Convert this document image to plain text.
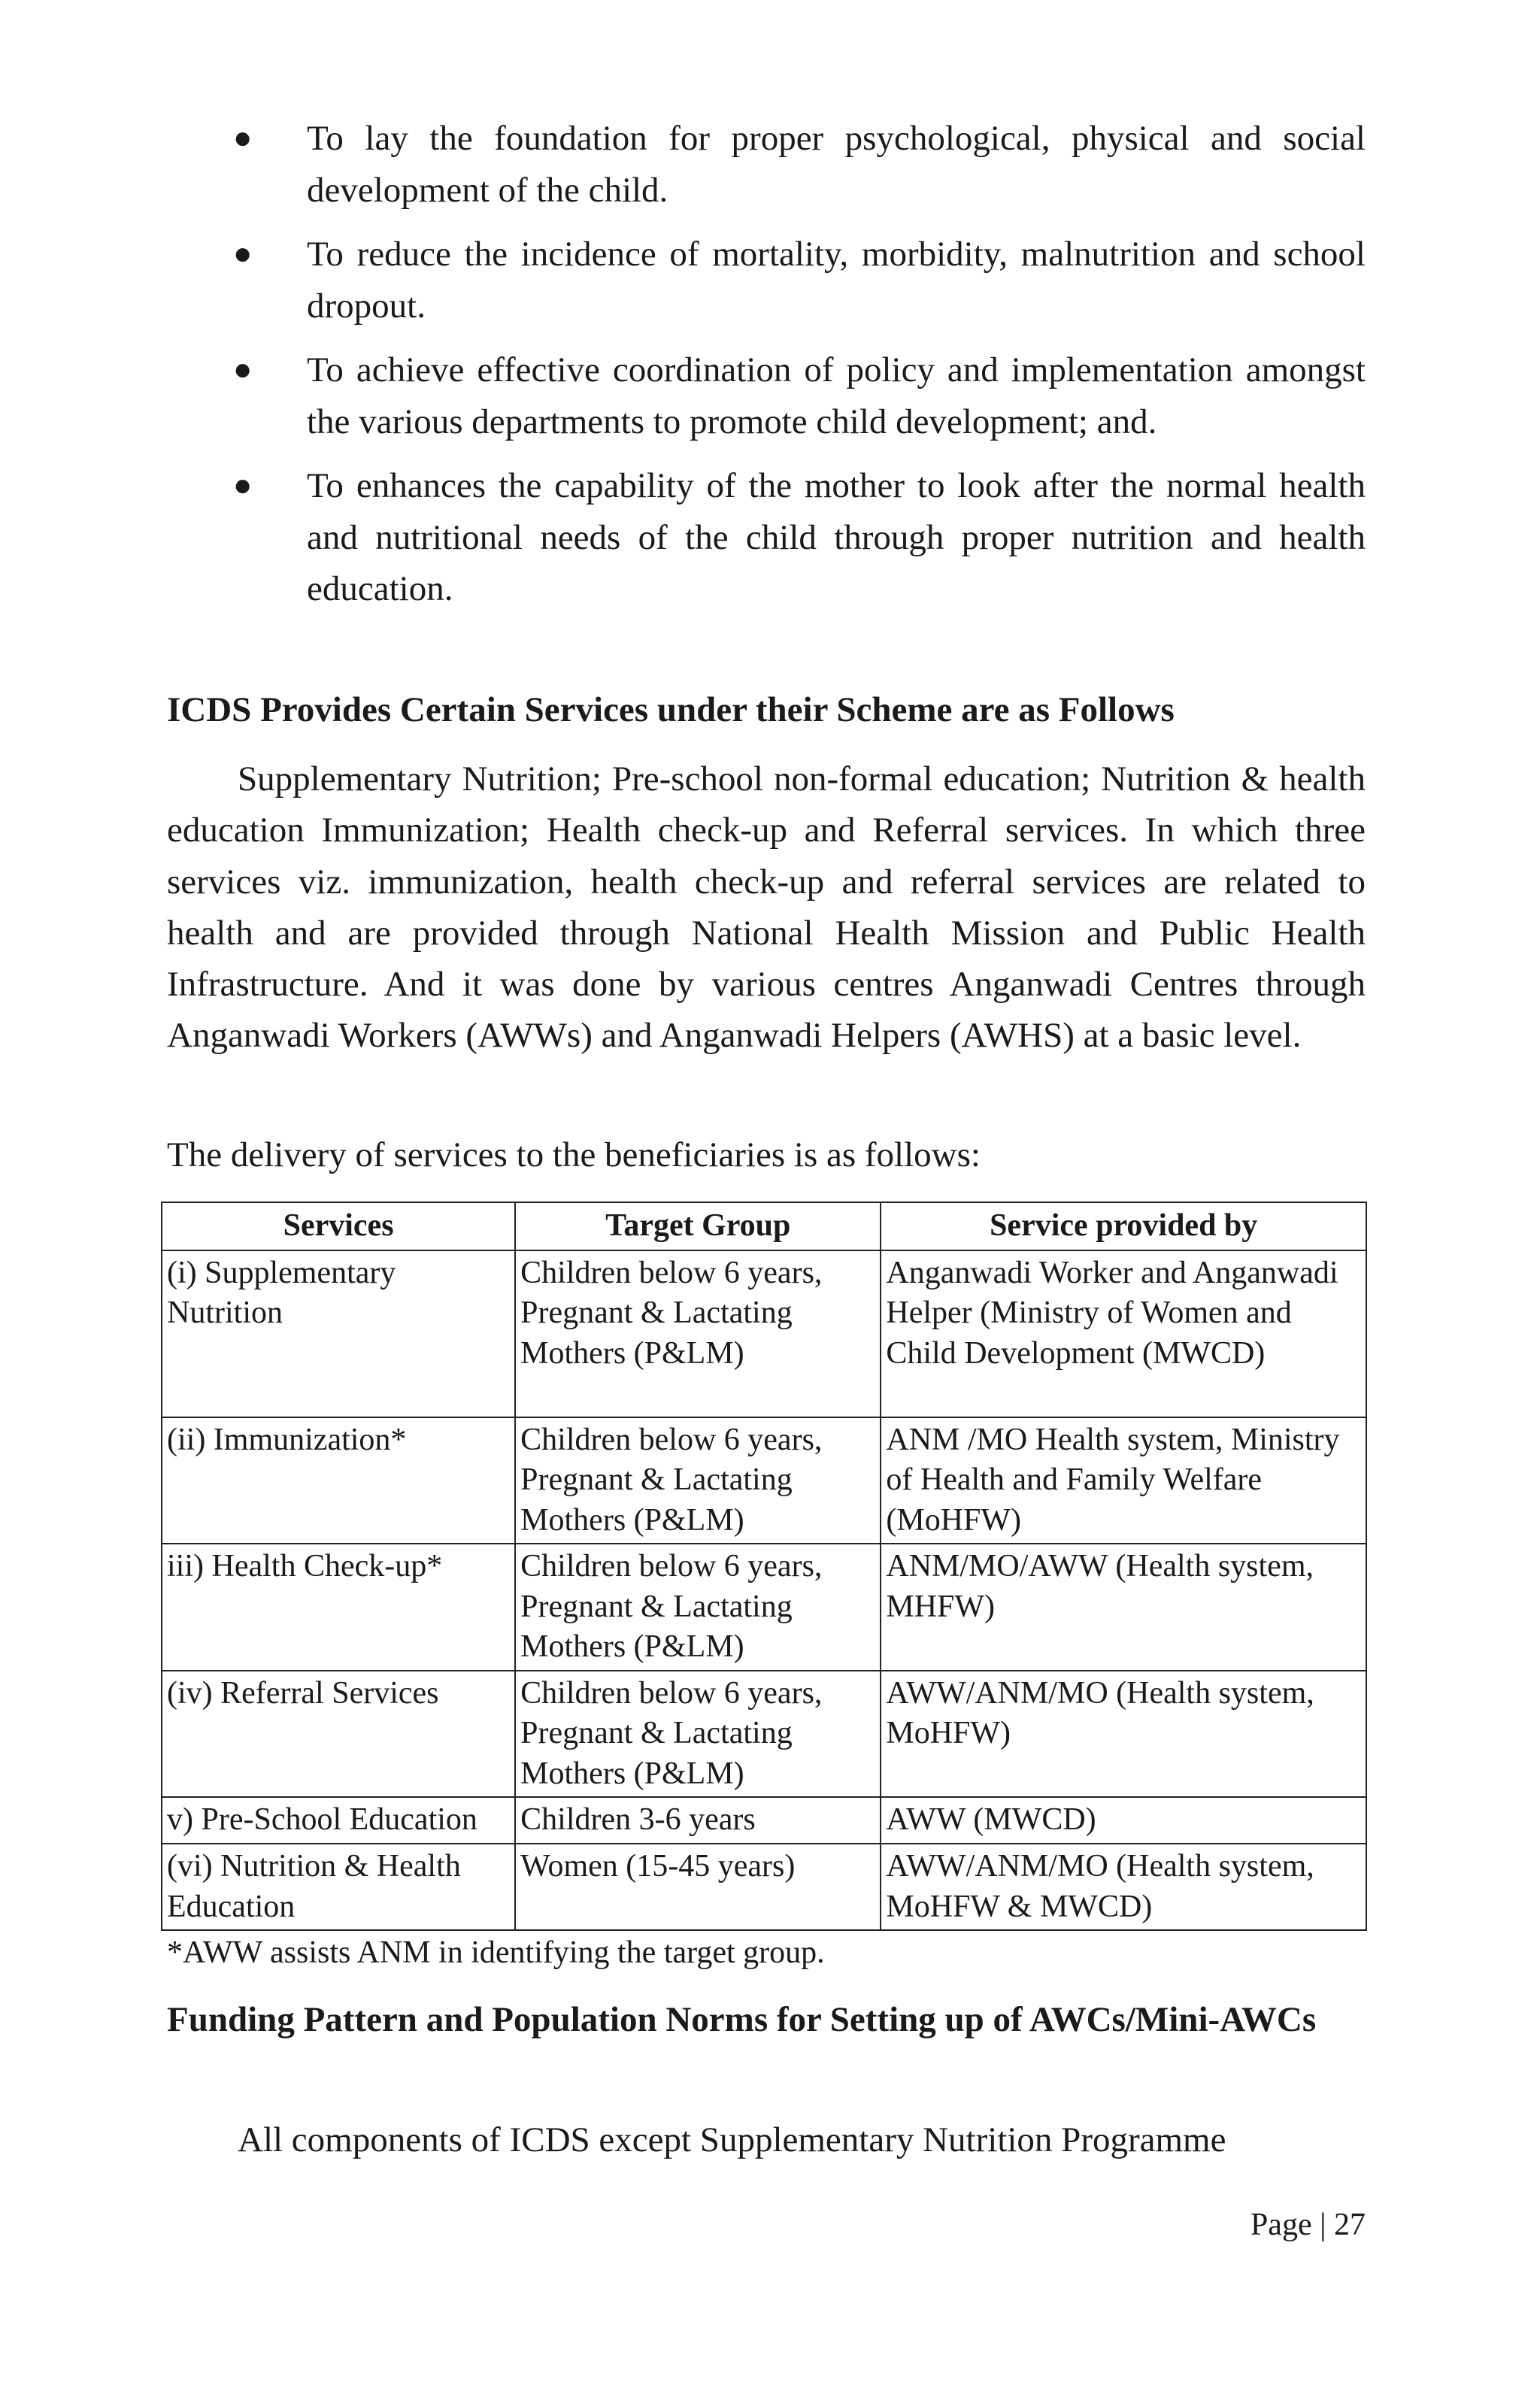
● To lay the foundation for proper psychological, physical and social development of the child.
● To reduce the incidence of mortality, morbidity, malnutrition and school dropout.
● To achieve effective coordination of policy and implementation amongst the various departments to promote child development; and.
● To enhances the capability of the mother to look after the normal health and nutritional needs of the child through proper nutrition and health education.
ICDS Provides Certain Services under their Scheme are as Follows

Supplementary Nutrition; Pre-school non-formal education; Nutrition & health education Immunization; Health check-up and Referral services. In which three services viz. immunization, health check-up and referral services are related to health and are provided through National Health Mission and Public Health Infrastructure. And it was done by various centres Anganwadi Centres through Anganwadi Workers (AWWs) and Anganwadi Helpers (AWHS) at a basic level.

The delivery of services to the beneficiaries is as follows:

Services	Target Group	Service provided by
(i) Supplementary Nutrition	Children below 6 years, Pregnant & Lactating Mothers (P&LM)	Anganwadi Worker and Anganwadi Helper (Ministry of Women and Child Development (MWCD)
(ii) Immunization*	Children below 6 years, Pregnant & Lactating Mothers (P&LM)	ANM /MO Health system, Ministry of Health and Family Welfare (MoHFW)
iii) Health Check-up*	Children below 6 years, Pregnant & Lactating Mothers (P&LM)	ANM/MO/AWW (Health system, MHFW)
(iv) Referral Services	Children below 6 years, Pregnant & Lactating Mothers (P&LM)	AWW/ANM/MO (Health system, MoHFW)
v) Pre-School Education	Children 3-6 years	AWW (MWCD)
(vi) Nutrition & Health Education	Women (15-45 years)	AWW/ANM/MO (Health system, MoHFW & MWCD)
*AWW assists ANM in identifying the target group.
Funding Pattern and Population Norms for Setting up of AWCs/Mini-AWCs

All components of ICDS except Supplementary Nutrition Programme

Page | 27
